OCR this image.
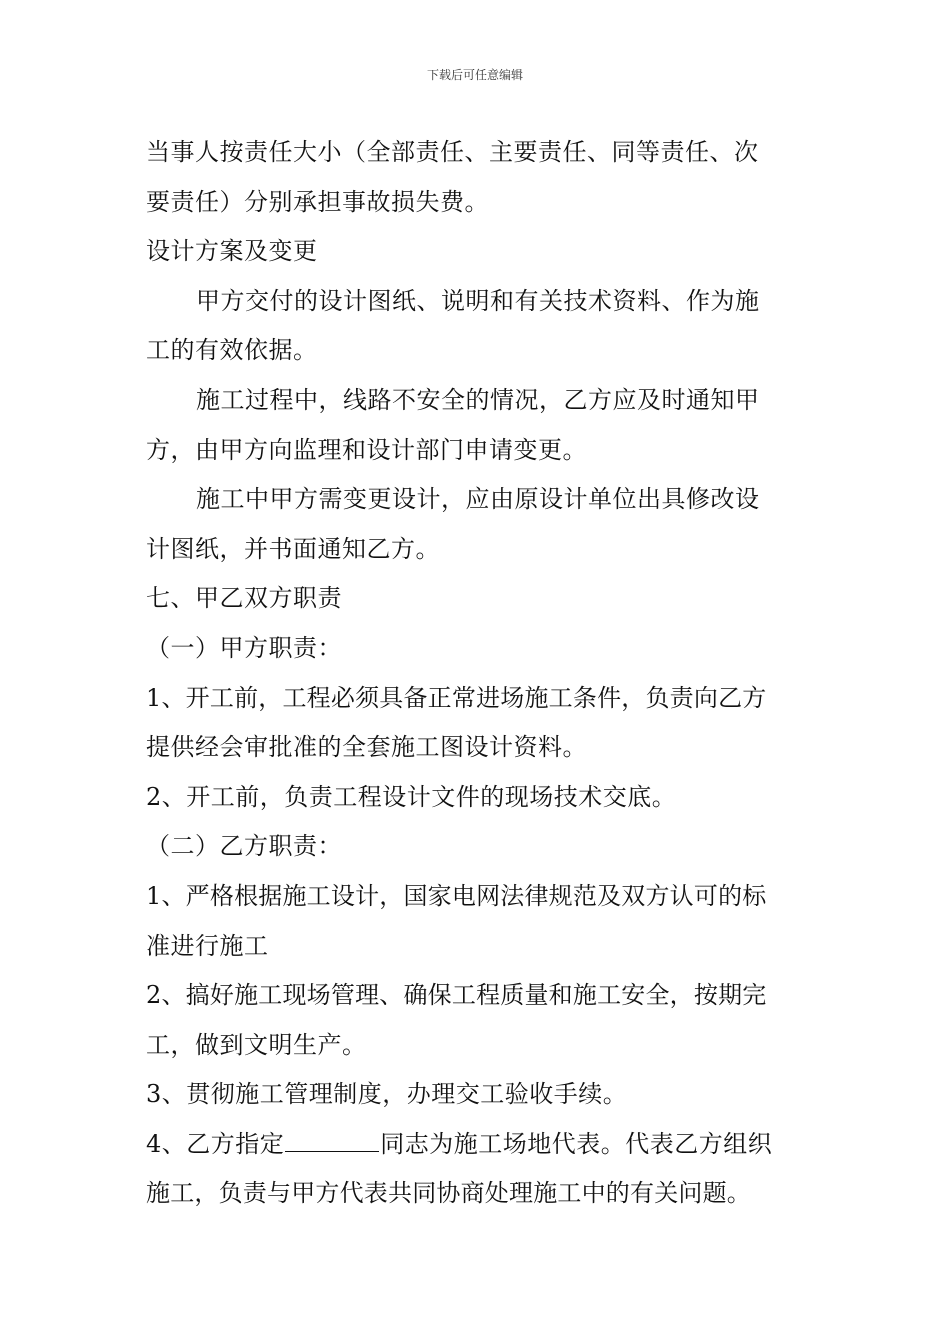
下载后可任意编辑
当事人按责任大小（全部责任、主要责任、同等责任、次
要责任）分别承担事故损失费。
设计方案及变更
甲方交付的设计图纸、说明和有关技术资料、作为施
工的有效依据。
施工过程中，线路不安全的情况，乙方应及时通知甲
方，由甲方向监理和设计部门申请变更。
施工中甲方需变更设计，应由原设计单位出具修改设
计图纸，并书面通知乙方。
七、甲乙双方职责
（一）甲方职责：
1、开工前，工程必须具备正常进场施工条件，负责向乙方
提供经会审批准的全套施工图设计资料。
2、开工前，负责工程设计文件的现场技术交底。
（二）乙方职责：
1、严格根据施工设计，国家电网法律规范及双方认可的标
准进行施工
2、搞好施工现场管理、确保工程质量和施工安全，按期完
工，做到文明生产。
3、贯彻施工管理制度，办理交工验收手续。
4、乙方指定	同志为施工场地代表。代表乙方组织
施工，负责与甲方代表共同协商处理施工中的有关问题。
